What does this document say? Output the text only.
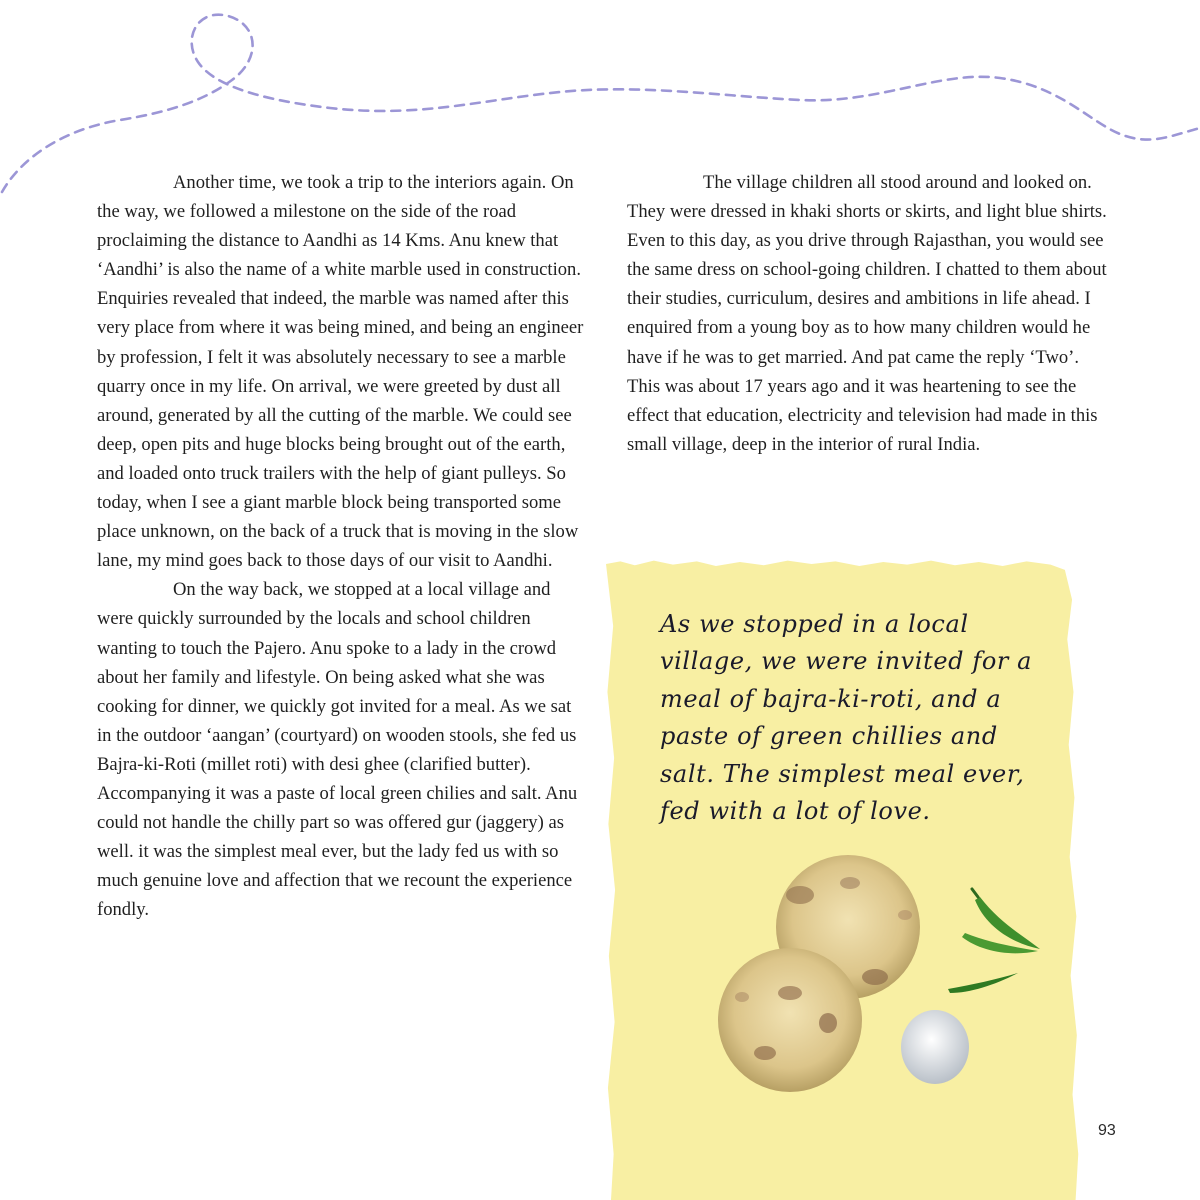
Another time, we took a trip to the interiors again. On the way, we followed a milestone on the side of the road proclaiming the distance to Aandhi as 14 Kms. Anu knew that ‘Aandhi’ is also the name of a white marble used in construction. Enquiries revealed that indeed, the marble was named after this very place from where it was being mined, and being an engineer by profession, I felt it was absolutely necessary to see a marble quarry once in my life. On arrival, we were greeted by dust all around, generated by all the cutting of the marble. We could see deep, open pits and huge blocks being brought out of the earth, and loaded onto truck trailers with the help of giant pulleys. So today, when I see a giant marble block being transported some place unknown, on the back of a truck that is moving in the slow lane, my mind goes back to those days of our visit to Aandhi.

On the way back, we stopped at a local village and were quickly surrounded by the locals and school children wanting to touch the Pajero. Anu spoke to a lady in the crowd about her family and lifestyle. On being asked what she was cooking for dinner, we quickly got invited for a meal. As we sat in the outdoor ‘aangan’ (courtyard) on wooden stools, she fed us Bajra-ki-Roti (millet roti) with desi ghee (clarified butter). Accompanying it was a paste of local green chilies and salt. Anu could not handle the chilly part so was offered gur (jaggery) as well. it was the simplest meal ever, but the lady fed us with so much genuine love and affection that we recount the experience fondly.

The village children all stood around and looked on. They were dressed in khaki shorts or skirts, and light blue shirts. Even to this day, as you drive through Rajasthan, you would see the same dress on school-going children. I chatted to them about their studies, curriculum, desires and ambitions in life ahead. I enquired from a young boy as to how many children would he have if he was to get married. And pat came the reply ‘Two’. This was about 17 years ago and it was heartening to see the effect that education, electricity and television had made in this small village, deep in the interior of rural India.

As we stopped in a local village, we were invited for a meal of bajra-ki-roti, and a paste of green chillies and salt. The simplest meal ever, fed with a lot of love.
93
